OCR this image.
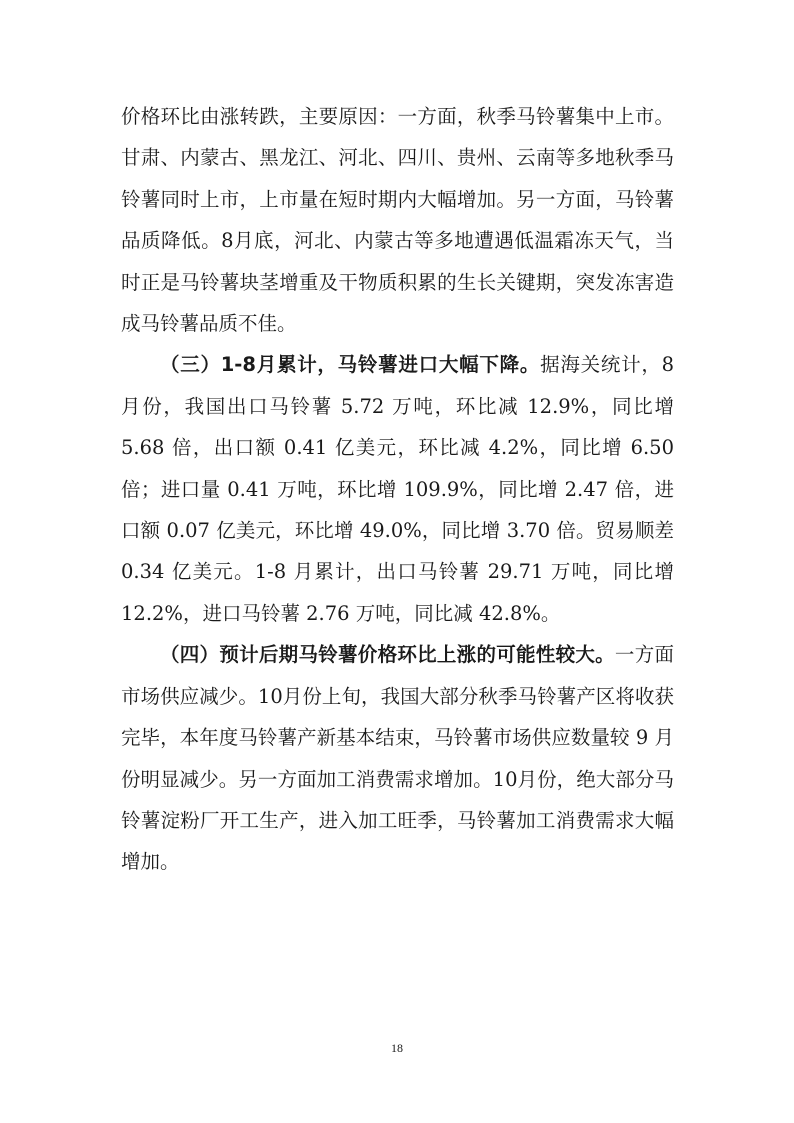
价格环比由涨转跌，主要原因：一方面，秋季马铃薯集中上市。甘肃、内蒙古、黑龙江、河北、四川、贵州、云南等多地秋季马铃薯同时上市，上市量在短时期内大幅增加。另一方面，马铃薯品质降低。8月底，河北、内蒙古等多地遭遇低温霜冻天气，当时正是马铃薯块茎增重及干物质积累的生长关键期，突发冻害造成马铃薯品质不佳。

（三）1-8月累计，马铃薯进口大幅下降。据海关统计，8 月份，我国出口马铃薯 5.72 万吨，环比减 12.9%，同比增 5.68 倍，出口额 0.41 亿美元，环比减 4.2%，同比增 6.50 倍；进口量 0.41 万吨，环比增 109.9%，同比增 2.47 倍，进口额 0.07 亿美元，环比增 49.0%，同比增 3.70 倍。贸易顺差 0.34 亿美元。1-8 月累计，出口马铃薯 29.71 万吨，同比增 12.2%，进口马铃薯 2.76 万吨，同比减 42.8%。

（四）预计后期马铃薯价格环比上涨的可能性较大。一方面市场供应减少。10月份上旬，我国大部分秋季马铃薯产区将收获完毕，本年度马铃薯产新基本结束，马铃薯市场供应数量较 9 月份明显减少。另一方面加工消费需求增加。10月份，绝大部分马铃薯淀粉厂开工生产，进入加工旺季，马铃薯加工消费需求大幅增加。

18
